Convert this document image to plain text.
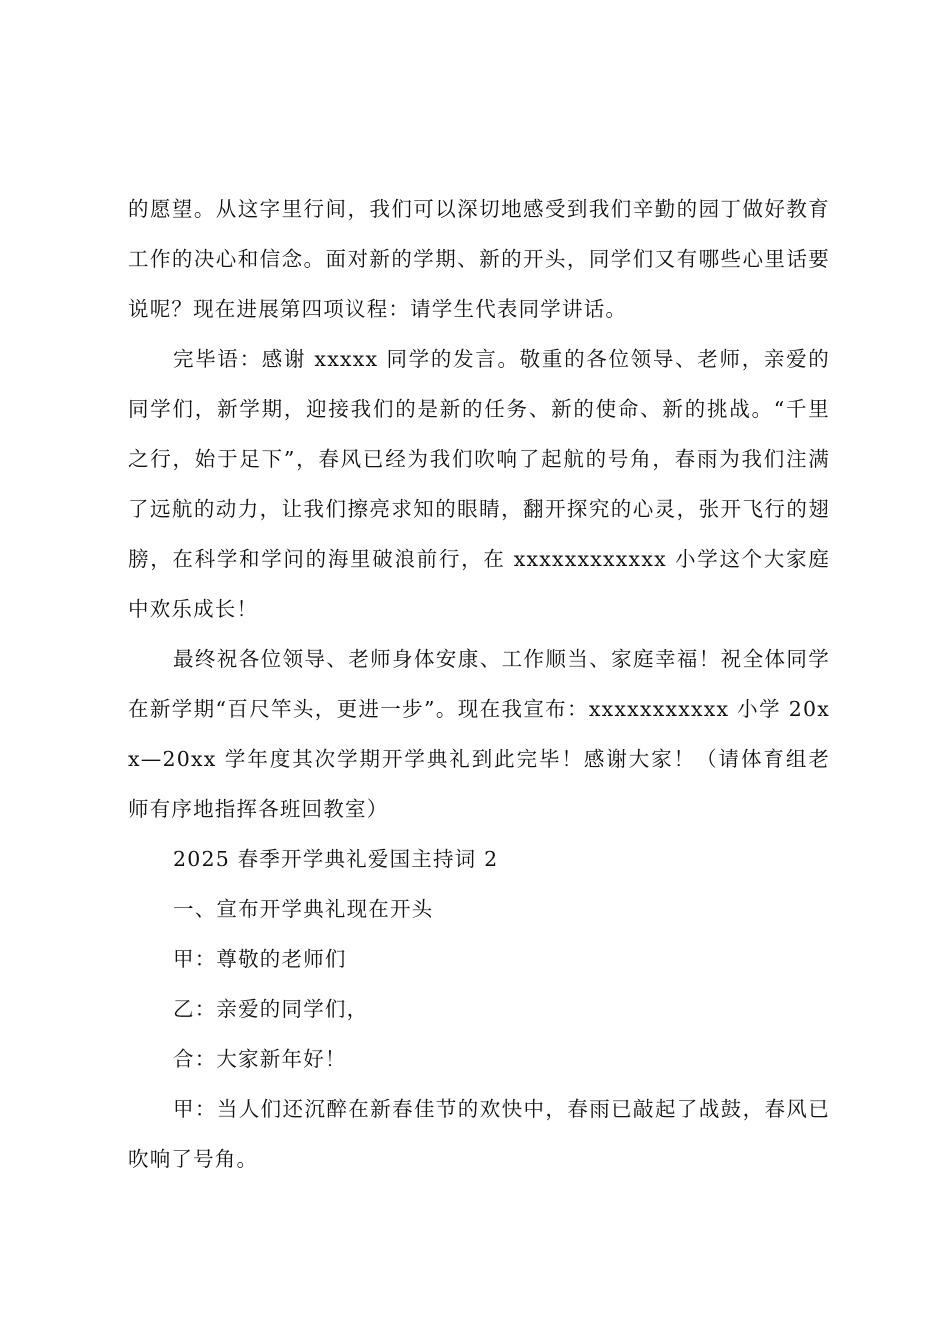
的愿望。从这字里行间，我们可以深切地感受到我们辛勤的园丁做好教育工作的决心和信念。面对新的学期、新的开头，同学们又有哪些心里话要说呢？现在进展第四项议程：请学生代表同学讲话。

完毕语：感谢 xxxxx 同学的发言。敬重的各位领导、老师，亲爱的同学们，新学期，迎接我们的是新的任务、新的使命、新的挑战。“千里之行，始于足下”，春风已经为我们吹响了起航的号角，春雨为我们注满了远航的动力，让我们擦亮求知的眼睛，翻开探究的心灵，张开飞行的翅膀，在科学和学问的海里破浪前行，在 xxxxxxxxxxxx 小学这个大家庭中欢乐成长！

最终祝各位领导、老师身体安康、工作顺当、家庭幸福！祝全体同学在新学期“百尺竿头，更进一步”。现在我宣布：xxxxxxxxxxx 小学 20xx—20xx 学年度其次学期开学典礼到此完毕！感谢大家！（请体育组老师有序地指挥各班回教室）

2025 春季开学典礼爱国主持词 2

一、宣布开学典礼现在开头

甲：尊敬的老师们

乙：亲爱的同学们，

合：大家新年好！

甲：当人们还沉醉在新春佳节的欢快中，春雨已敲起了战鼓，春风已吹响了号角。
